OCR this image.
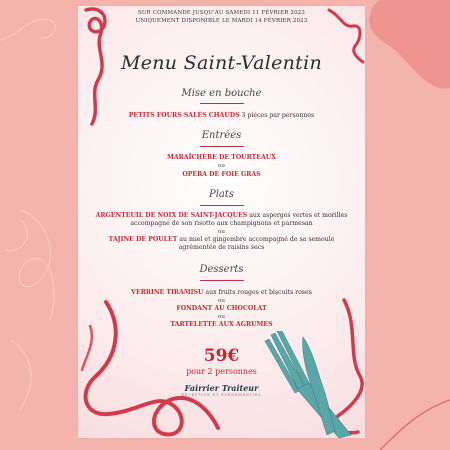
SUR COMMANDE JUSQU'AU SAMEDI 11 FÉVRIER 2023
UNIQUEMENT DISPONIBLE LE MARDI 14 FÉVRIER 2023
Menu Saint-Valentin
Mise en bouche
PETITS FOURS SALÉS CHAUDS 3 pièces par personnes
Entrées
MARAÎCHÈRE DE TOURTEAUX
ou
OPÉRA DE FOIE GRAS
Plats
ARGENTEUIL DE NOIX DE SAINT-JACQUES aux asperges vertes et morilles
accompagné de son risotto aux champignons et parmesan
ou
TAJINE DE POULET au miel et gingembre accompagné de sa semoule
agrémentée de raisins secs
Desserts
VERRINE TIRAMISU aux fruits rouges et biscuits roses
ou
FONDANT AU CHOCOLAT
ou
TARTELETTE AUX AGRUMES
59€
pour 2 personnes
Fairrier Traiteur
RÉCEPTION ET ÉVÉNEMENTIEL
